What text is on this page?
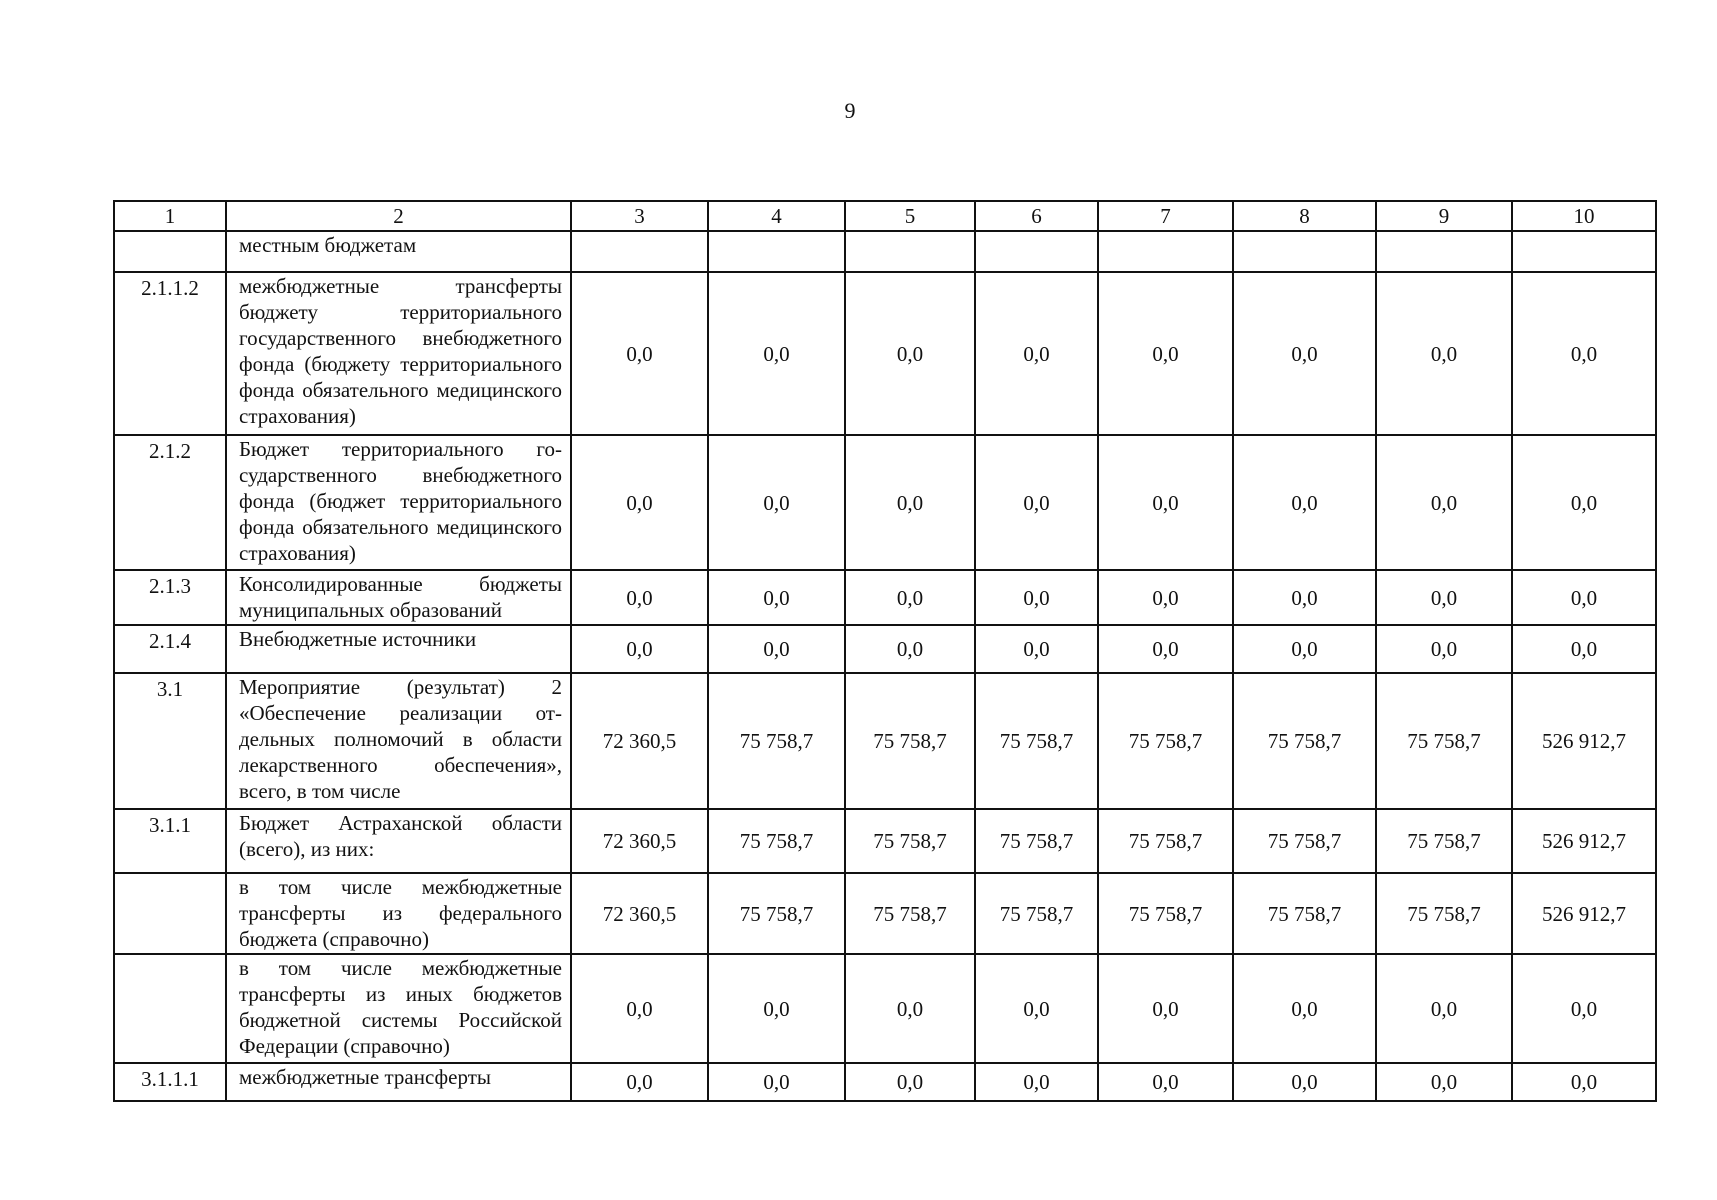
9
1	2	3	4	5	6	7	8	9	10
	местным бюджетам								
2.1.1.2	межбюджетные трансферты бюджету территориального государственного внебюджетного фонда (бюджету территориального фонда обязательного медицинского страхования)	0,0	0,0	0,0	0,0	0,0	0,0	0,0	0,0
2.1.2	Бюджет территориального государственного внебюджетного фонда (бюджет территориального фонда обязательного медицинского страхования)	0,0	0,0	0,0	0,0	0,0	0,0	0,0	0,0
2.1.3	Консолидированные бюджеты муниципальных образований	0,0	0,0	0,0	0,0	0,0	0,0	0,0	0,0
2.1.4	Внебюджетные источники	0,0	0,0	0,0	0,0	0,0	0,0	0,0	0,0
3.1	Мероприятие (результат) 2 «Обеспечение реализации отдельных полномочий в области лекарственного обеспечения», всего, в том числе	72 360,5	75 758,7	75 758,7	75 758,7	75 758,7	75 758,7	75 758,7	526 912,7
3.1.1	Бюджет Астраханской области (всего), из них:	72 360,5	75 758,7	75 758,7	75 758,7	75 758,7	75 758,7	75 758,7	526 912,7
	в том числе межбюджетные трансферты из федерального бюджета (справочно)	72 360,5	75 758,7	75 758,7	75 758,7	75 758,7	75 758,7	75 758,7	526 912,7
	в том числе межбюджетные трансферты из иных бюджетов бюджетной системы Российской Федерации (справочно)	0,0	0,0	0,0	0,0	0,0	0,0	0,0	0,0
3.1.1.1	межбюджетные трансферты	0,0	0,0	0,0	0,0	0,0	0,0	0,0	0,0
